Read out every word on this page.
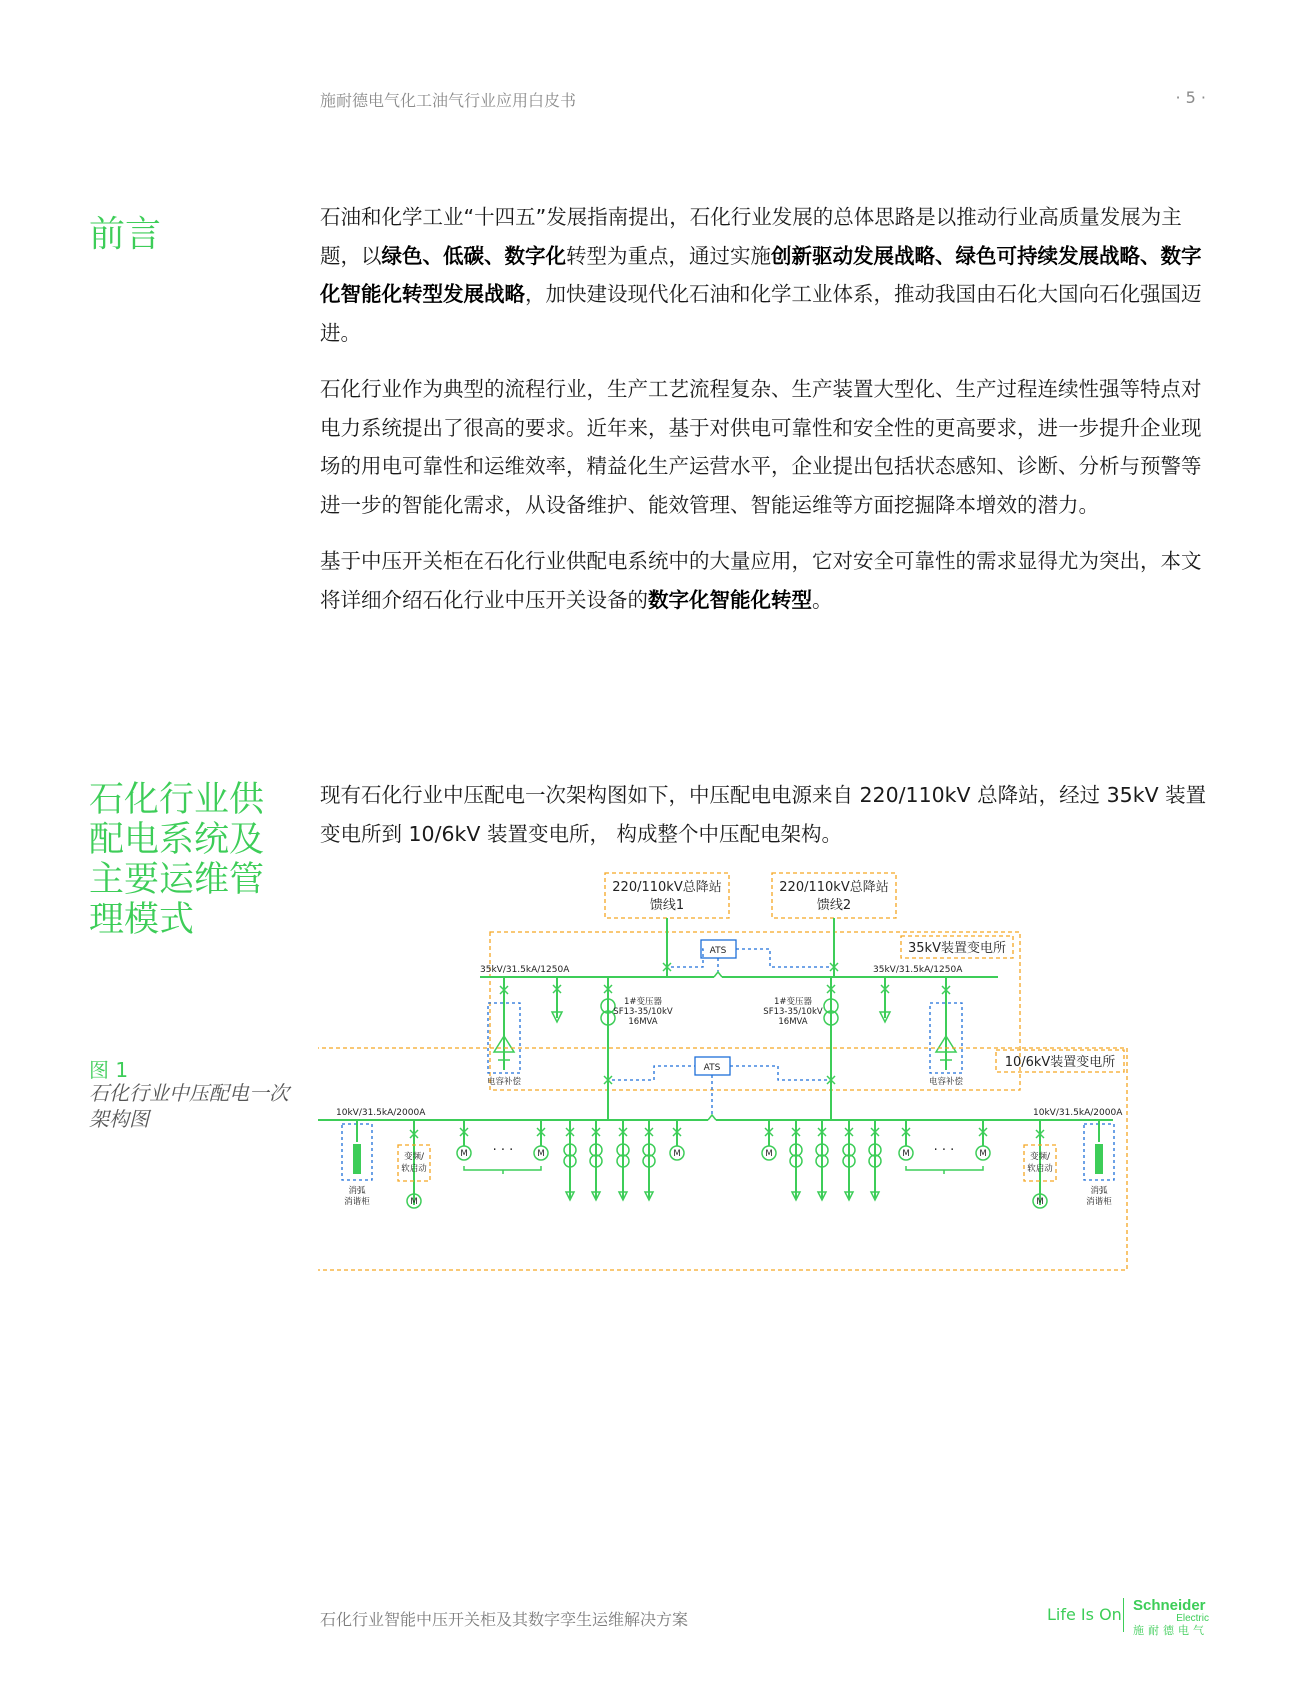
施耐德电气化工油气行业应用白皮书	· 5 ·
前言	石油和化学工业“十四五”发展指南提出，石化行业发展的总体思路是以推动行业高质量发展为主题，以绿色、低碳、数字化转型为重点，通过实施创新驱动发展战略、绿色可持续发展战略、数字化智能化转型发展战略，加快建设现代化石油和化学工业体系，推动我国由石化大国向石化强国迈进。

石化行业作为典型的流程行业，生产工艺流程复杂、生产装置大型化、生产过程连续性强等特点对电力系统提出了很高的要求。近年来，基于对供电可靠性和安全性的更高要求，进一步提升企业现场的用电可靠性和运维效率，精益化生产运营水平，企业提出包括状态感知、诊断、分析与预警等进一步的智能化需求，从设备维护、能效管理、智能运维等方面挖掘降本增效的潜力。

基于中压开关柜在石化行业供配电系统中的大量应用，它对安全可靠性的需求显得尤为突出，本文将详细介绍石化行业中压开关设备的数字化智能化转型。

石化行业供配电系统及主要运维管理模式

现有石化行业中压配电一次架构图如下，中压配电电源来自 220/110kV 总降站，经过 35kV 装置变电所到 10/6kV 装置变电所， 构成整个中压配电架构。

图 1
石化行业中压配电一次架构图
220/110kV总降站
馈线1
220/110kV总降站
馈线2
35kV装置变电所
ATS
35kV/31.5kA/1250A	35kV/31.5kA/1250A
电容补偿
1#变压器
SF13-35/10kV
16MVA
1#变压器
SF13-35/10kV
16MVA
电容补偿
10/6kV装置变电所
ATS
10kV/31.5kA/2000A	10kV/31.5kA/2000A
消弧
消谐柜
变频/
软启动
M
M · · ·	M	M	M	M · · ·	M	变频/
软启动
M
消弧
消谐柜
石化行业智能中压开关柜及其数字孪生运维解决方案	Life Is On Schneider
Electric
施耐德电气
